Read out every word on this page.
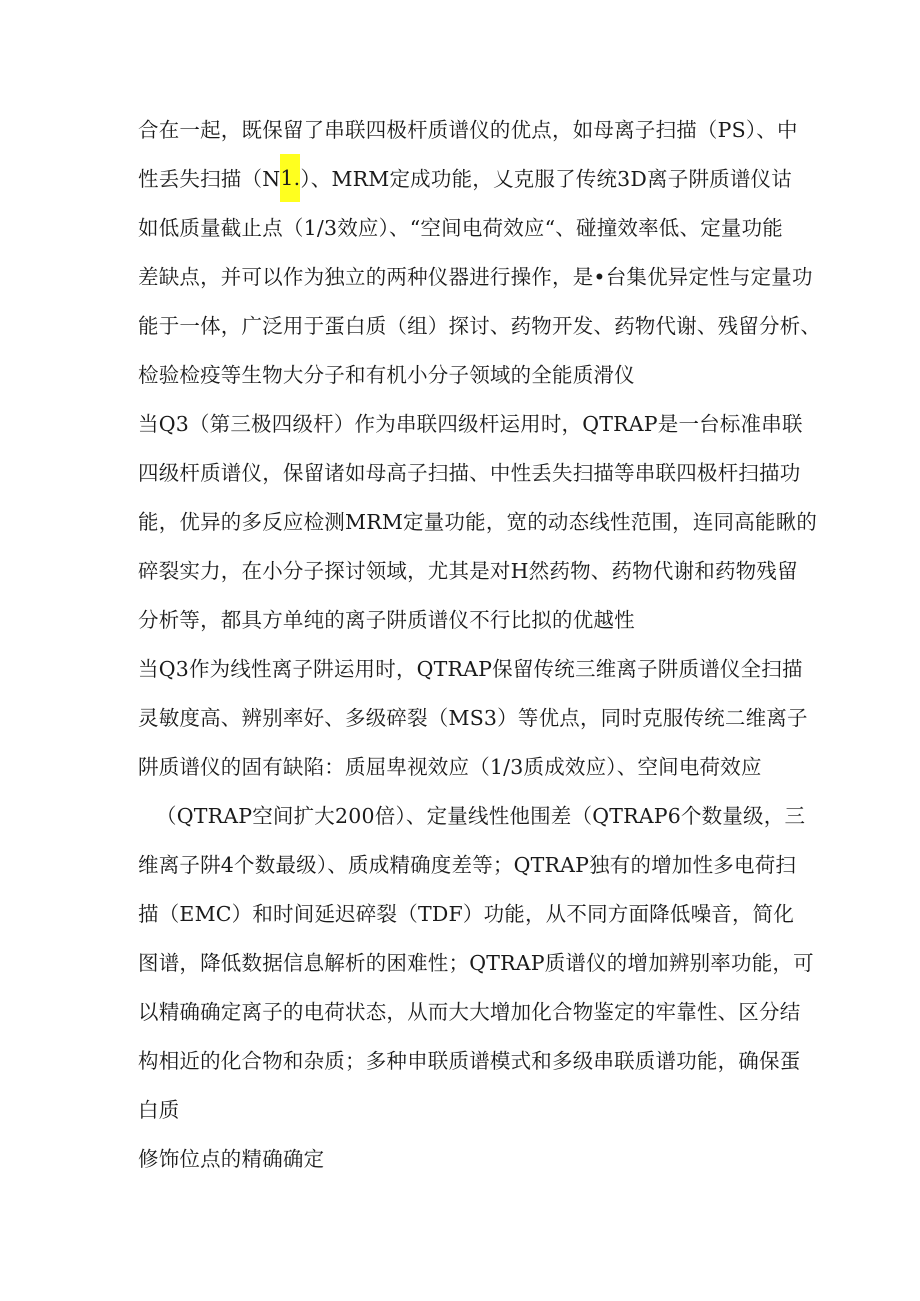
合在一起，既保留了串联四极杆质谱仪的优点，如母离子扫描（PS）、中
性丢失扫描（N1.）、MRM定成功能，乂克服了传统3D离子阱质谱仪诂
如低质量截止点（1/3效应）、“空间电荷效应“、碰撞效率低、定量功能
差缺点，并可以作为独立的两种仪器进行操作，是•台集优异定性与定量功
能于一体，广泛用于蛋白质（组）探讨、药物开发、药物代谢、残留分析、
检验检疫等生物大分子和有机小分子领域的全能质滑仪
当Q3（第三极四级杆）作为串联四级杆运用时，QTRAP是一台标准串联
四级杆质谱仪，保留诸如母高子扫描、中性丢失扫描等串联四极杆扫描功
能，优异的多反应检测MRM定量功能，宽的动态线性范围，连同高能瞅的
碎裂实力，在小分子探讨领域，尤其是对H然药物、药物代谢和药物残留
分析等，都具方单纯的离子阱质谱仪不行比拟的优越性
当Q3作为线性离子阱运用时，QTRAP保留传统三维离子阱质谱仪全扫描
灵敏度高、辨别率好、多级碎裂（MS3）等优点，同时克服传统二维离子
阱质谱仪的固有缺陷：质屈卑视效应（1/3质成效应）、空间电荷效应
（QTRAP空间扩大200倍）、定量线性他围差（QTRAP6个数量级，三
维离子阱4个数最级）、质成精确度差等；QTRAP独有的增加性多电荷扫
描（EMC）和时间延迟碎裂（TDF）功能，从不同方面降低噪音，简化
图谱，降低数据信息解析的困难性；QTRAP质谱仪的增加辨别率功能，可
以精确确定离子的电荷状态，从而大大增加化合物鉴定的牢靠性、区分结
构相近的化合物和杂质；多种申联质谱模式和多级串联质谱功能，确保蛋
白质
修饰位点的精确确定
